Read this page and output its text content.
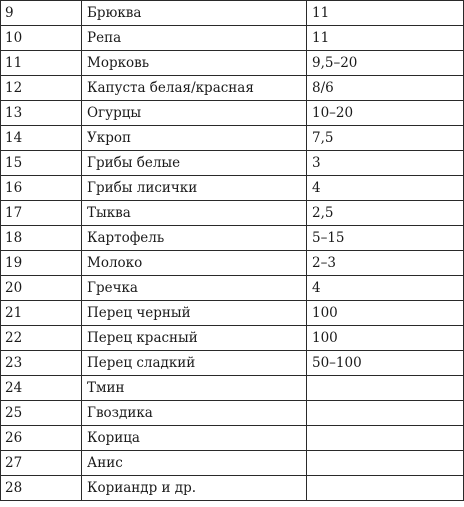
9	Брюква	11
10	Репа	11
11	Морковь	9,5–20
12	Капуста белая/красная	8/6
13	Огурцы	10–20
14	Укроп	7,5
15	Грибы белые	3
16	Грибы лисички	4
17	Тыква	2,5
18	Картофель	5–15
19	Молоко	2–3
20	Гречка	4
21	Перец черный	100
22	Перец красный	100
23	Перец сладкий	50–100
24	Тмин	
25	Гвоздика	
26	Корица	
27	Анис	
28	Кориандр и др.	
